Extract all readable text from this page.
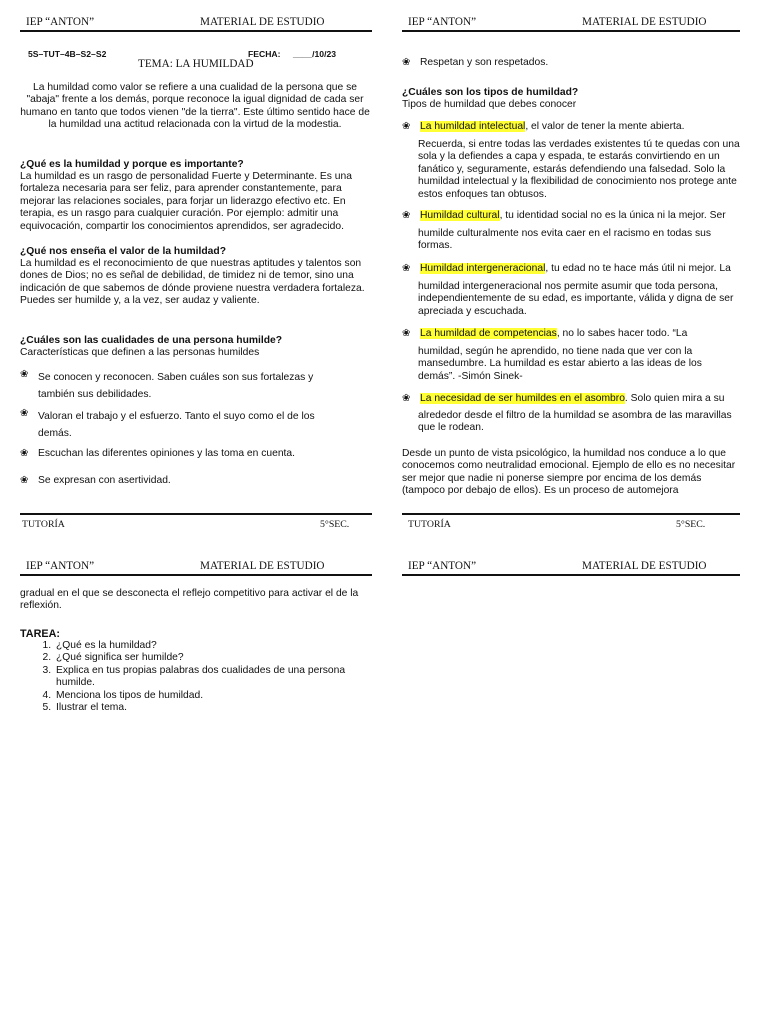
IEP “ANTON”	MATERIAL DE ESTUDIO
5S–TUT–4B–S2–S2	FECHA: ____/10/23
TEMA: LA HUMILDAD
La humildad como valor se refiere a una cualidad de la persona que se "abaja" frente a los demás, porque reconoce la igual dignidad de cada ser humano en tanto que todos vienen "de la tierra". Este último sentido hace de la humildad una actitud relacionada con la virtud de la modestia.
¿Qué es la humildad y porque es importante?
La humildad es un rasgo de personalidad Fuerte y Determinante. Es una fortaleza necesaria para ser feliz, para aprender constantemente, para mejorar las relaciones sociales, para forjar un liderazgo efectivo etc. En terapia, es un rasgo para cualquier curación. Por ejemplo: admitir una equivocación, compartir los conocimientos aprendidos, ser agradecido.
¿Qué nos enseña el valor de la humildad?
La humildad es el reconocimiento de que nuestras aptitudes y talentos son dones de Dios; no es señal de debilidad, de timidez ni de temor, sino una indicación de que sabemos de dónde proviene nuestra verdadera fortaleza. Puedes ser humilde y, a la vez, ser audaz y valiente.
¿Cuáles son las cualidades de una persona humilde?
Características que definen a las personas humildes
❀ Se conocen y reconocen. Saben cuáles son sus fortalezas y también sus debilidades.
❀ Valoran el trabajo y el esfuerzo. Tanto el suyo como el de los demás.
❀ Escuchan las diferentes opiniones y las toma en cuenta.
❀ Se expresan con asertividad.
TUTORÍA	5°SEC.
IEP “ANTON”	MATERIAL DE ESTUDIO
❀ Respetan y son respetados.
¿Cuáles son los tipos de humildad?
Tipos de humildad que debes conocer
❀ La humildad intelectual, el valor de tener la mente abierta.
Recuerda, si entre todas las verdades existentes tú te quedas con una sola y la defiendes a capa y espada, te estarás convirtiendo en un fanático y, seguramente, estarás defendiendo una falsedad. Solo la humildad intelectual y la flexibilidad de conocimiento nos protege ante estos enfoques tan obtusos.
❀ Humildad cultural, tu identidad social no es la única ni la mejor. Ser
humilde culturalmente nos evita caer en el racismo en todas sus formas.
❀ Humildad intergeneracional, tu edad no te hace más útil ni mejor. La
humildad intergeneracional nos permite asumir que toda persona, independientemente de su edad, es importante, válida y digna de ser apreciada y escuchada.
❀ La humildad de competencias, no lo sabes hacer todo. “La
humildad, según he aprendido, no tiene nada que ver con la mansedumbre. La humildad es estar abierto a las ideas de los demás”. -Simón Sinek-
❀ La necesidad de ser humildes en el asombro. Solo quien mira a su
alrededor desde el filtro de la humildad se asombra de las maravillas que le rodean.
Desde un punto de vista psicológico, la humildad nos conduce a lo que conocemos como neutralidad emocional. Ejemplo de ello es no necesitar ser mejor que nadie ni ponerse siempre por encima de los demás (tampoco por debajo de ellos). Es un proceso de automejora
TUTORÍA	5°SEC.
IEP “ANTON”	MATERIAL DE ESTUDIO
gradual en el que se desconecta el reflejo competitivo para activar el de la reflexión.
TAREA:
1. ¿Qué es la humildad?
2. ¿Qué significa ser humilde?
3. Explica en tus propias palabras dos cualidades de una persona humilde.
4. Menciona los tipos de humildad.
5. Ilustrar el tema.
IEP “ANTON”	MATERIAL DE ESTUDIO
